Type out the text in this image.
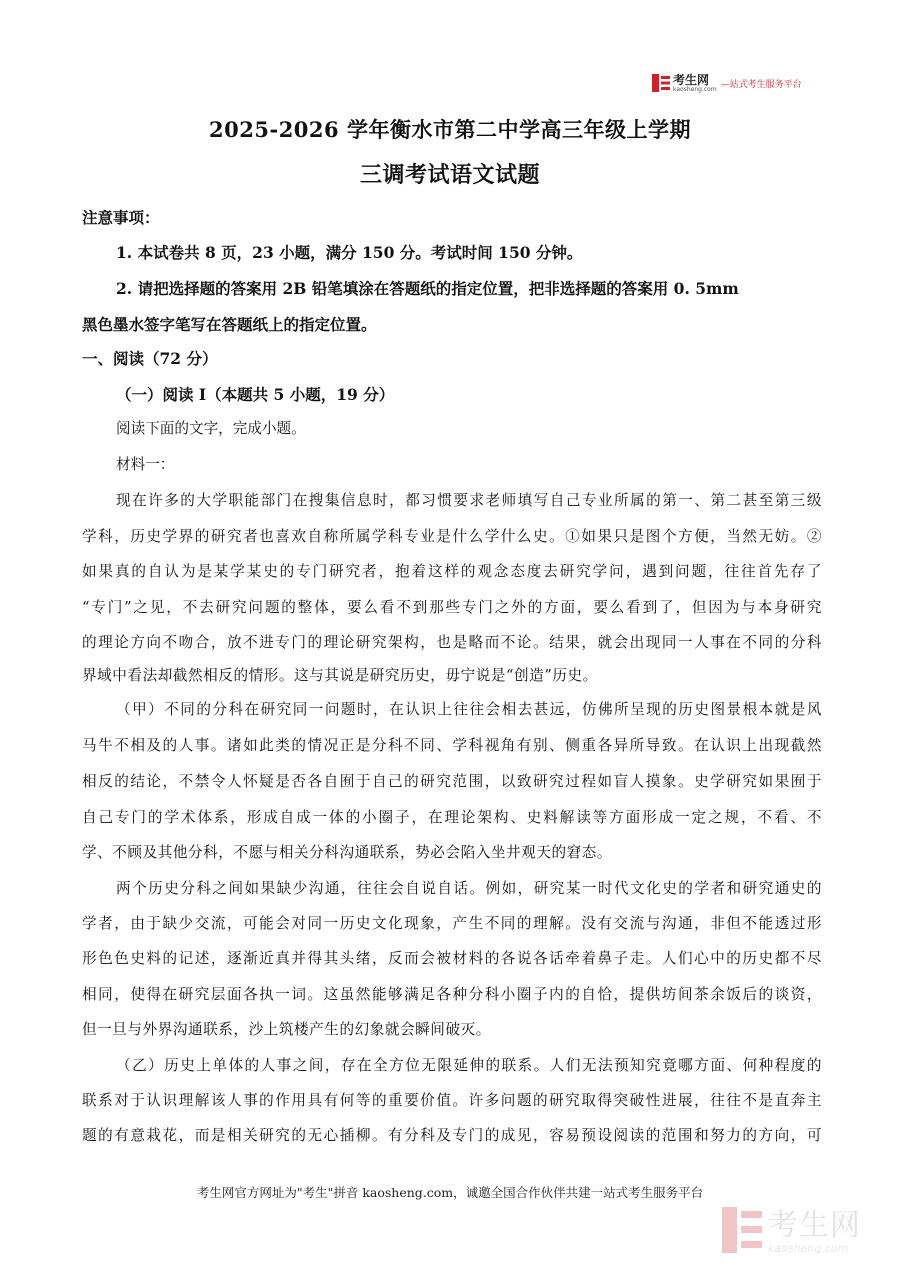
考生网
kaosheng.com —站式考生服务平台
2025-2026 学年衡水市第二中学高三年级上学期
三调考试语文试题
注意事项：
1. 本试卷共 8 页，23 小题，满分 150 分。考试时间 150 分钟。
2. 请把选择题的答案用 2B 铅笔填涂在答题纸的指定位置，把非选择题的答案用 0. 5mm
黑色墨水签字笔写在答题纸上的指定位置。
一、阅读（72 分）
（一）阅读 I（本题共 5 小题，19 分）
阅读下面的文字，完成小题。
材料一：
现在许多的大学职能部门在搜集信息时，都习惯要求老师填写自己专业所属的第一、第二甚至第三级
学科，历史学界的研究者也喜欢自称所属学科专业是什么学什么史。①如果只是图个方便，当然无妨。②
如果真的自认为是某学某史的专门研究者，抱着这样的观念态度去研究学问，遇到问题，往往首先存了
“专门”之见，不去研究问题的整体，要么看不到那些专门之外的方面，要么看到了，但因为与本身研究
的理论方向不吻合，放不进专门的理论研究架构，也是略而不论。结果，就会出现同一人事在不同的分科
界域中看法却截然相反的情形。这与其说是研究历史，毋宁说是“创造”历史。
（甲）不同的分科在研究同一问题时，在认识上往往会相去甚远，仿佛所呈现的历史图景根本就是风
马牛不相及的人事。诸如此类的情况正是分科不同、学科视角有别、侧重各异所导致。在认识上出现截然
相反的结论，不禁令人怀疑是否各自囿于自己的研究范围，以致研究过程如盲人摸象。史学研究如果囿于
自己专门的学术体系，形成自成一体的小圈子，在理论架构、史料解读等方面形成一定之规，不看、不
学、不顾及其他分科，不愿与相关分科沟通联系，势必会陷入坐井观天的窘态。
两个历史分科之间如果缺少沟通，往往会自说自话。例如，研究某一时代文化史的学者和研究通史的
学者，由于缺少交流，可能会对同一历史文化现象，产生不同的理解。没有交流与沟通，非但不能透过形
形色色史料的记述，逐渐近真并得其头绪，反而会被材料的各说各话牵着鼻子走。人们心中的历史都不尽
相同，使得在研究层面各执一词。这虽然能够满足各种分科小圈子内的自恰，提供坊间茶余饭后的谈资，
但一旦与外界沟通联系，沙上筑楼产生的幻象就会瞬间破灭。
（乙）历史上单体的人事之间，存在全方位无限延伸的联系。人们无法预知究竟哪方面、何种程度的
联系对于认识理解该人事的作用具有何等的重要价值。许多问题的研究取得突破性进展，往往不是直奔主
题的有意栽花，而是相关研究的无心插柳。有分科及专门的成见，容易预设阅读的范围和努力的方向，可
考生网官方网址为"考生"拼音 kaosheng.com，诚邀全国合作伙伴共建一站式考生服务平台
考生网
kaosheng.com
